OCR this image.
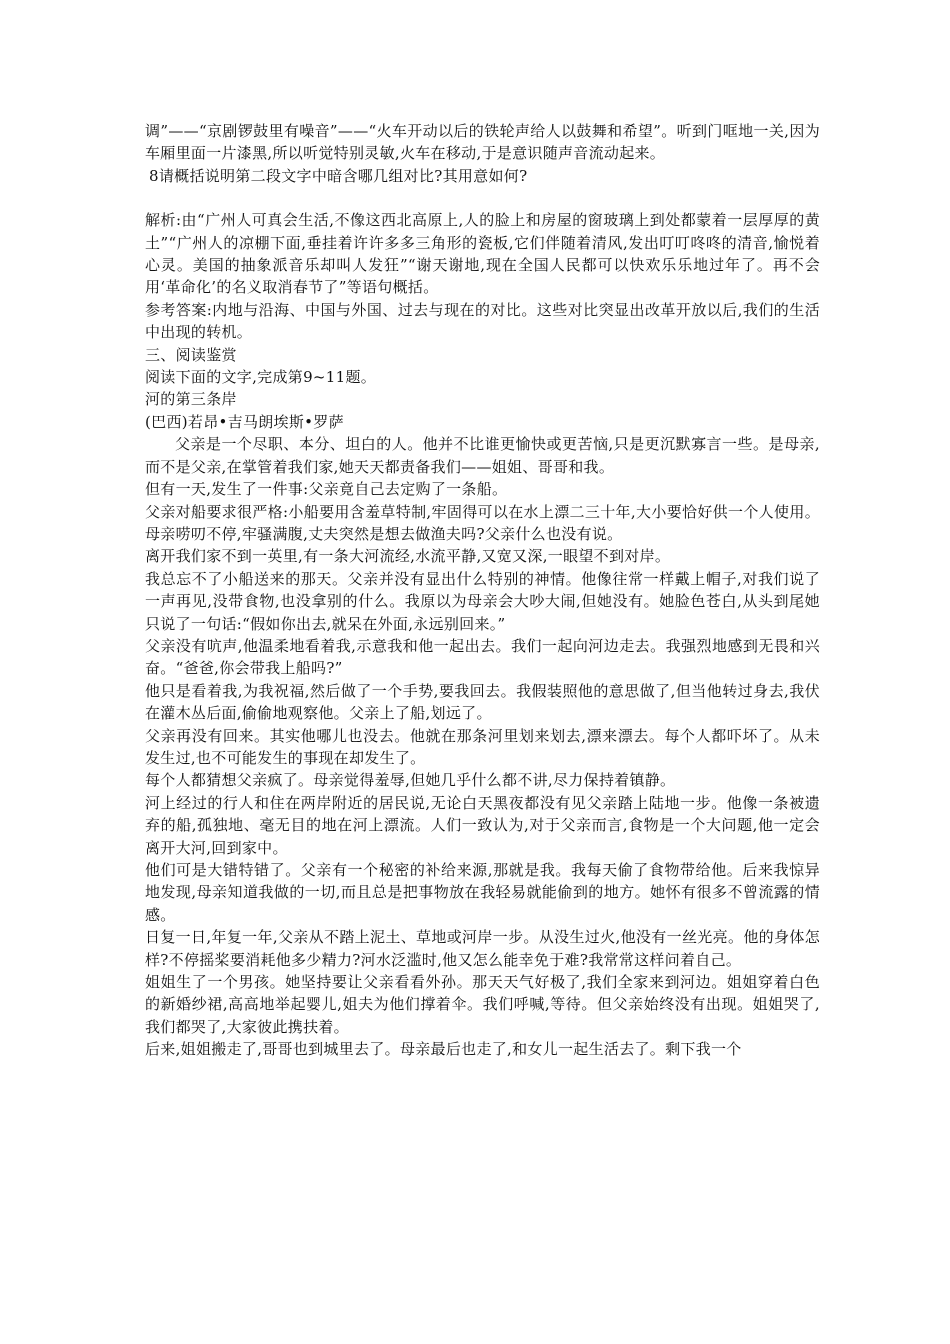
调”——“京剧锣鼓里有噪音”——“火车开动以后的铁轮声给人以鼓舞和希望”。听到门哐地一关,因为车厢里面一片漆黑,所以听觉特别灵敏,火车在移动,于是意识随声音流动起来。

8请概括说明第二段文字中暗含哪几组对比?其用意如何?

解析:由“广州人可真会生活,不像这西北高原上,人的脸上和房屋的窗玻璃上到处都蒙着一层厚厚的黄土”“广州人的凉棚下面,垂挂着许许多多三角形的瓷板,它们伴随着清风,发出叮叮咚咚的清音,愉悦着心灵。美国的抽象派音乐却叫人发狂”“谢天谢地,现在全国人民都可以快欢乐乐地过年了。再不会用‘革命化’的名义取消春节了”等语句概括。

参考答案:内地与沿海、中国与外国、过去与现在的对比。这些对比突显出改革开放以后,我们的生活中出现的转机。

三、阅读鉴赏

阅读下面的文字,完成第9~11题。

河的第三条岸

(巴西)若昂•吉马朗埃斯•罗萨

父亲是一个尽职、本分、坦白的人。他并不比谁更愉快或更苦恼,只是更沉默寡言一些。是母亲,而不是父亲,在掌管着我们家,她天天都责备我们——姐姐、哥哥和我。

但有一天,发生了一件事:父亲竟自己去定购了一条船。

父亲对船要求很严格:小船要用含羞草特制,牢固得可以在水上漂二三十年,大小要恰好供一个人使用。母亲唠叨不停,牢骚满腹,丈夫突然是想去做渔夫吗?父亲什么也没有说。

离开我们家不到一英里,有一条大河流经,水流平静,又宽又深,一眼望不到对岸。

我总忘不了小船送来的那天。父亲并没有显出什么特别的神情。他像往常一样戴上帽子,对我们说了一声再见,没带食物,也没拿别的什么。我原以为母亲会大吵大闹,但她没有。她脸色苍白,从头到尾她只说了一句话:“假如你出去,就呆在外面,永远别回来。”

父亲没有吭声,他温柔地看着我,示意我和他一起出去。我们一起向河边走去。我强烈地感到无畏和兴奋。“爸爸,你会带我上船吗?”

他只是看着我,为我祝福,然后做了一个手势,要我回去。我假装照他的意思做了,但当他转过身去,我伏在灌木丛后面,偷偷地观察他。父亲上了船,划远了。

父亲再没有回来。其实他哪儿也没去。他就在那条河里划来划去,漂来漂去。每个人都吓坏了。从未发生过,也不可能发生的事现在却发生了。

每个人都猜想父亲疯了。母亲觉得羞辱,但她几乎什么都不讲,尽力保持着镇静。

河上经过的行人和住在两岸附近的居民说,无论白天黑夜都没有见父亲踏上陆地一步。他像一条被遗弃的船,孤独地、毫无目的地在河上漂流。人们一致认为,对于父亲而言,食物是一个大问题,他一定会离开大河,回到家中。

他们可是大错特错了。父亲有一个秘密的补给来源,那就是我。我每天偷了食物带给他。后来我惊异地发现,母亲知道我做的一切,而且总是把事物放在我轻易就能偷到的地方。她怀有很多不曾流露的情感。

日复一日,年复一年,父亲从不踏上泥土、草地或河岸一步。从没生过火,他没有一丝光亮。他的身体怎样?不停摇桨要消耗他多少精力?河水泛滥时,他又怎么能幸免于难?我常常这样问着自己。

姐姐生了一个男孩。她坚持要让父亲看看外孙。那天天气好极了,我们全家来到河边。姐姐穿着白色的新婚纱裙,高高地举起婴儿,姐夫为他们撑着伞。我们呼喊,等待。但父亲始终没有出现。姐姐哭了,我们都哭了,大家彼此携扶着。

后来,姐姐搬走了,哥哥也到城里去了。母亲最后也走了,和女儿一起生活去了。剩下我一个
